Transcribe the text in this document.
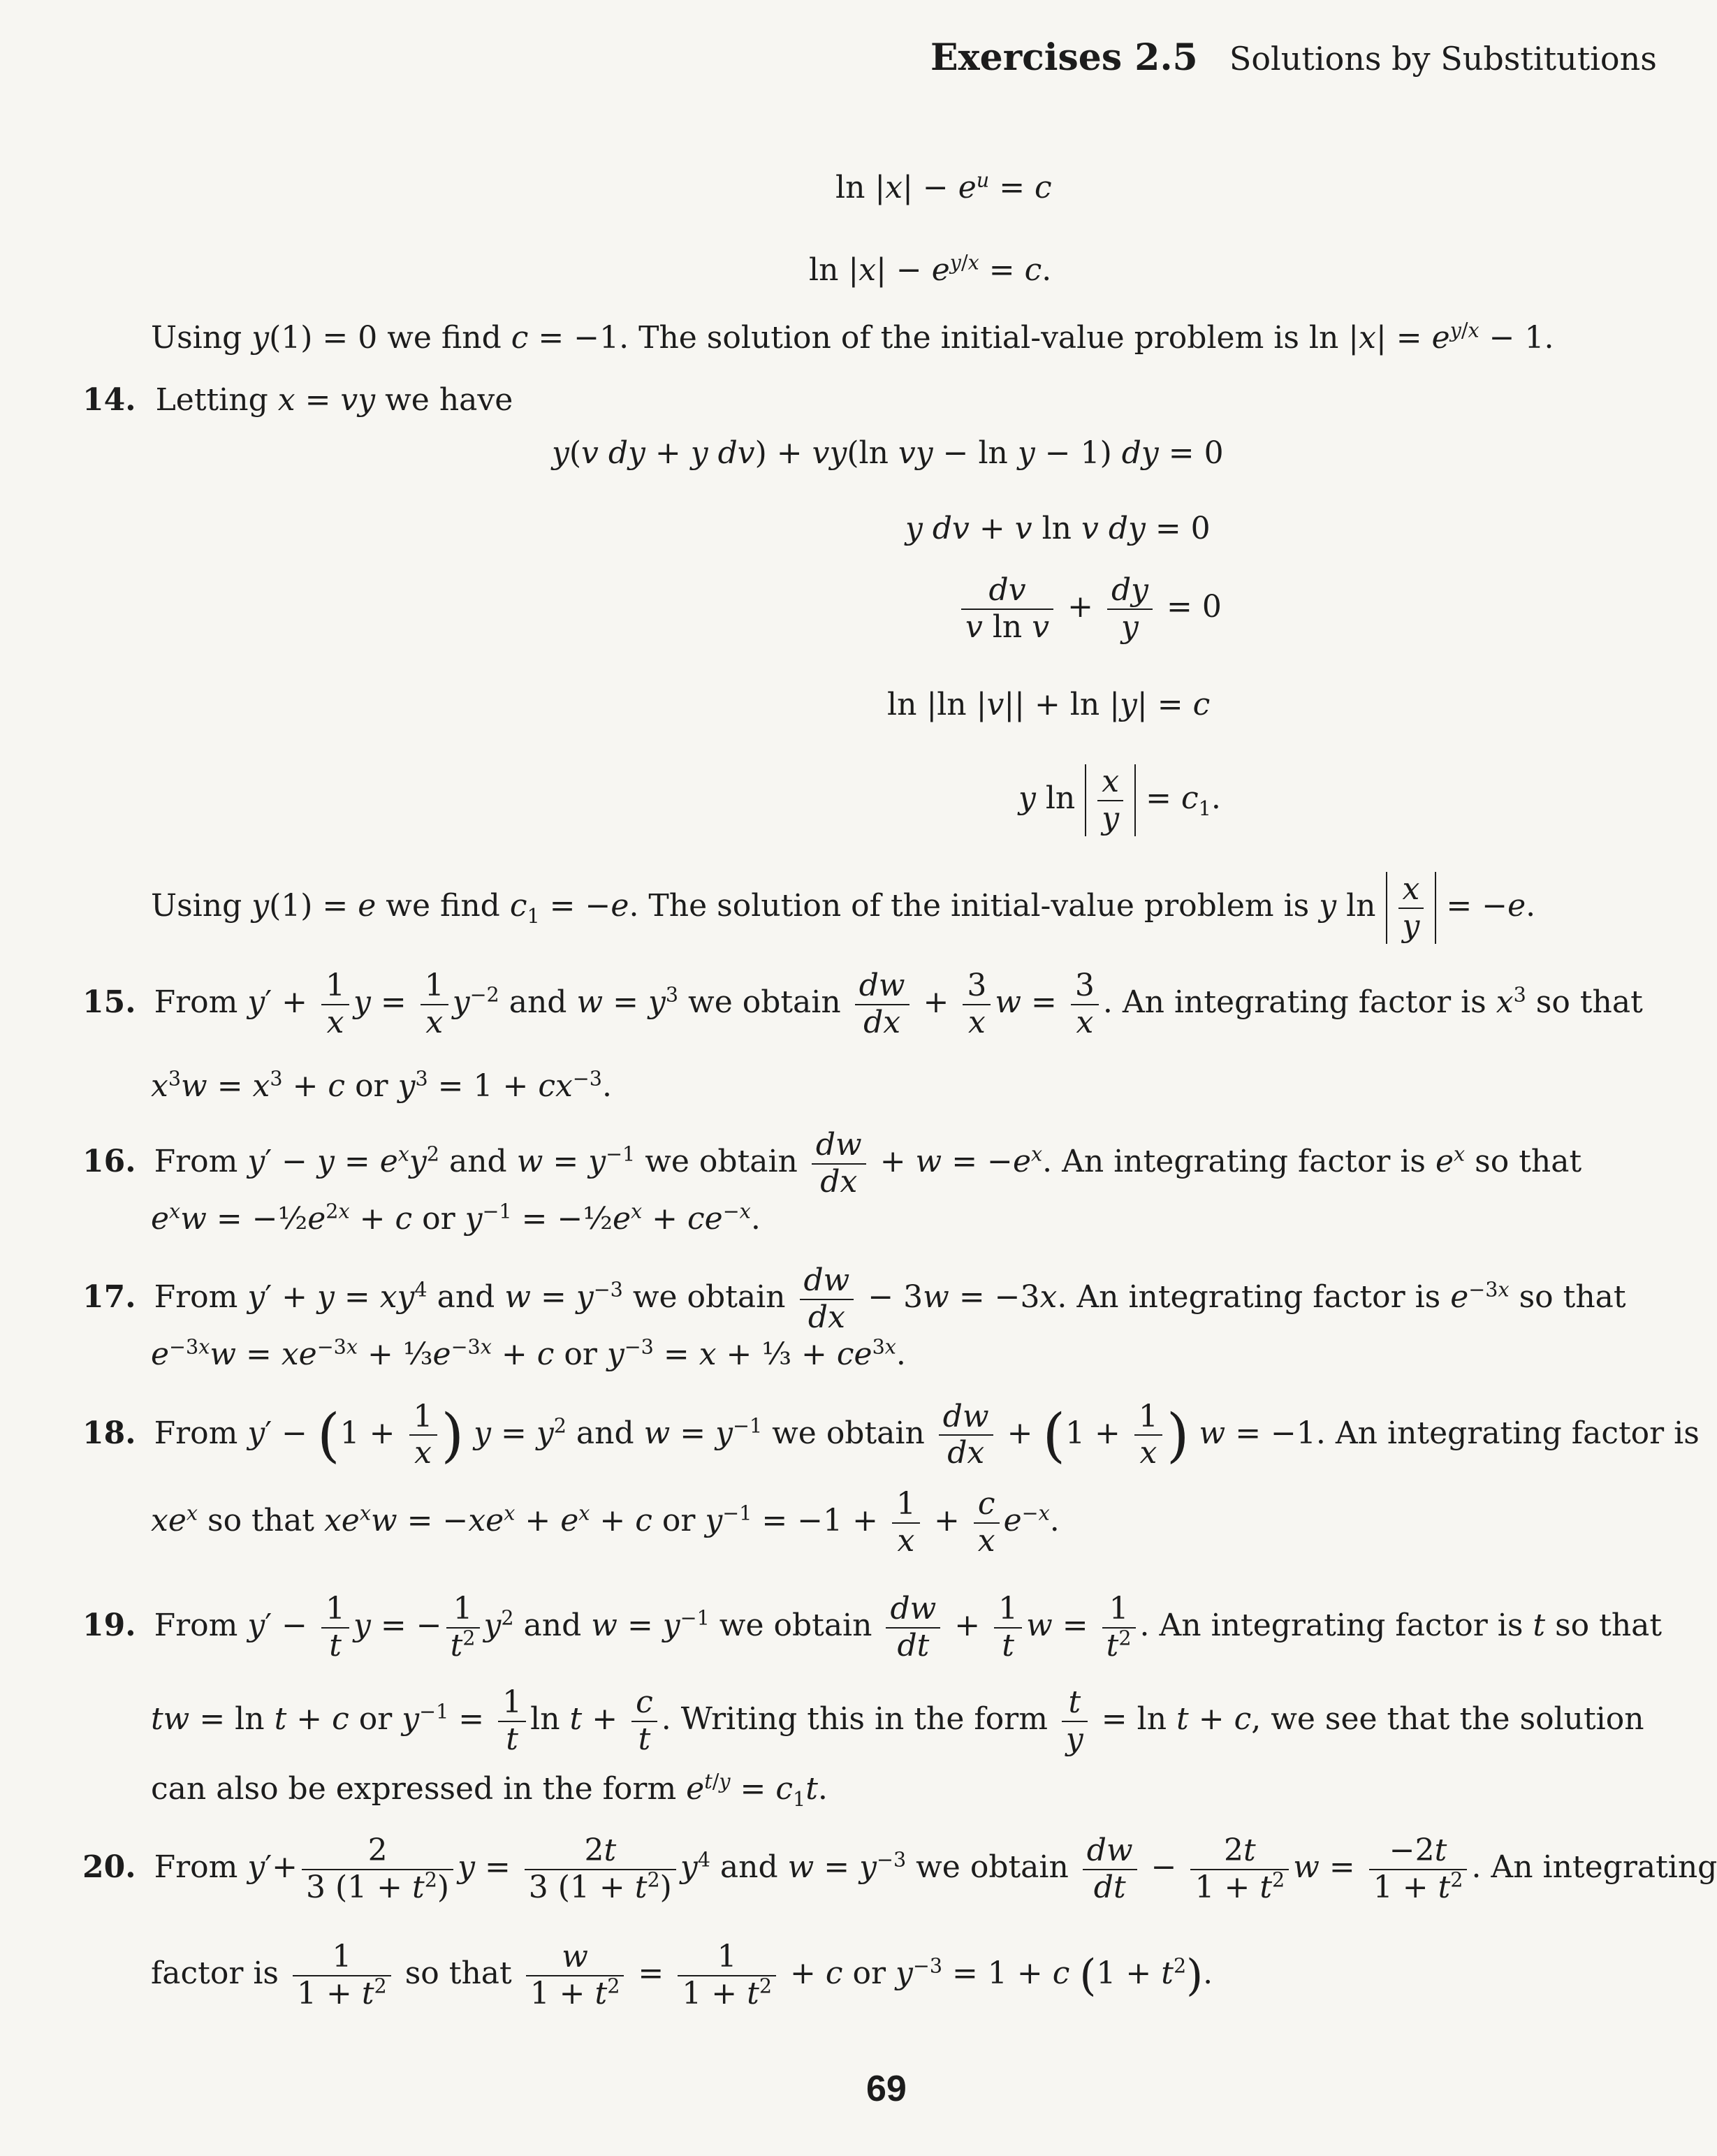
Exercises 2.5 Solutions by Substitutions
$\ln |x| - e^u = c$
$\ln |x| - e^{y/x} = c$.
Using y(1) = 0 we find c = −1. The solution of the initial-value problem is $\ln |x| = e^{y/x} - 1$.
14. Letting x = vy we have
y(v dy + y dv) + vy(ln vy − ln y − 1) dy = 0
y dv + v ln v dy = 0
$\frac{dv}{\text{v ln v}} + \frac{dy}{y} = 0$
ln |ln |v|| + ln |y| = c
y $\ln \frac{x}{y} = c_1$.
Using y(1) = e we find $c_1 = -e$. The solution of the initial-value problem is y $\ln \frac{x}{y} = -e$.
15. From $y' + \frac{1}{x}$ $y = \frac{1}{x} y^{-2}$ and $w = y^3$ we obtain $\frac{dw}{dx} + \frac{3}{x}$ $w = \frac{3}{x}$ . An integrating factor is $x^3$ so that
$x^3w = x^3 + c$ or $y^3 = 1 + cx^{-3}$.
16. From $y' - y = e^xy^2$ and $w = y^{-1}$ we obtain $\frac{dw}{dx} + w = -e^x$. An integrating factor is $e^x$ so that
$e^xw$ = $-\frac{1}{2}e^{2x} + c$ or $y^{-1}$ = $-\frac{1}{2}e^x + ce^{-x}$.
17. From $y' + y = xy^4$ and $w = y^{-3}$ we obtain $\frac{dw}{dx} - 3w = -3x$. An integrating factor is $e^{-3x}$ so that
$e^{-3x}w = xe^{-3x}$ + $\frac{1}{3}e^{-3x} + c$ or $y^{-3} = x$ + ⅓ + $ce^{3x}$.
18. From $y' - (1 + \frac{1}{x}$ ) $y = y^2$ and $w = y^{-1}$ we obtain $\frac{dw}{dx} + (1 + \frac{1}{x}$ ) w = −1. An integrating factor is
$xe^x$ so that $xe^xw = -xe^x + e^x + c$ or $y^{-1} = -1 + \frac{1}{x} + \frac{c}{x} e^{-x}$.
19. From $y' - \frac{1}{t}$ y = − $\frac{1}{t^2} y^2$ and $w = y^{-1}$ we obtain $\frac{dw}{dt} + \frac{1}{t}$ $w = \frac{1}{t^2}$ . An integrating factor is t so that
tw = ln t + c or $y^{-1} = \frac{1}{t}$ $\ln t + \frac{c}{t}$ . Writing this in the form $\frac{t}{y} = \ln t + c$, we see that the solution
can also be expressed in the form $e^{t/y} = c_1t$.
20. From $y'+ \frac{2}{3 (1 + t^2)}$ $y = \frac{2t}{3 (1 + t^2)} y^4$ and $w = y^{-3}$ we obtain $\frac{dw}{dt} - \frac{2t}{1 + t^2}$ $w = \frac{-2t}{1 + t^2}$ . An integrating
factor is $\frac{1}{1 + t^2}$ so that $\frac{w}{1 + t^2} = \frac{1}{1 + t^2} + c$ or $y^{-3} = 1 + c$ $(1 + t^2)$.
69
